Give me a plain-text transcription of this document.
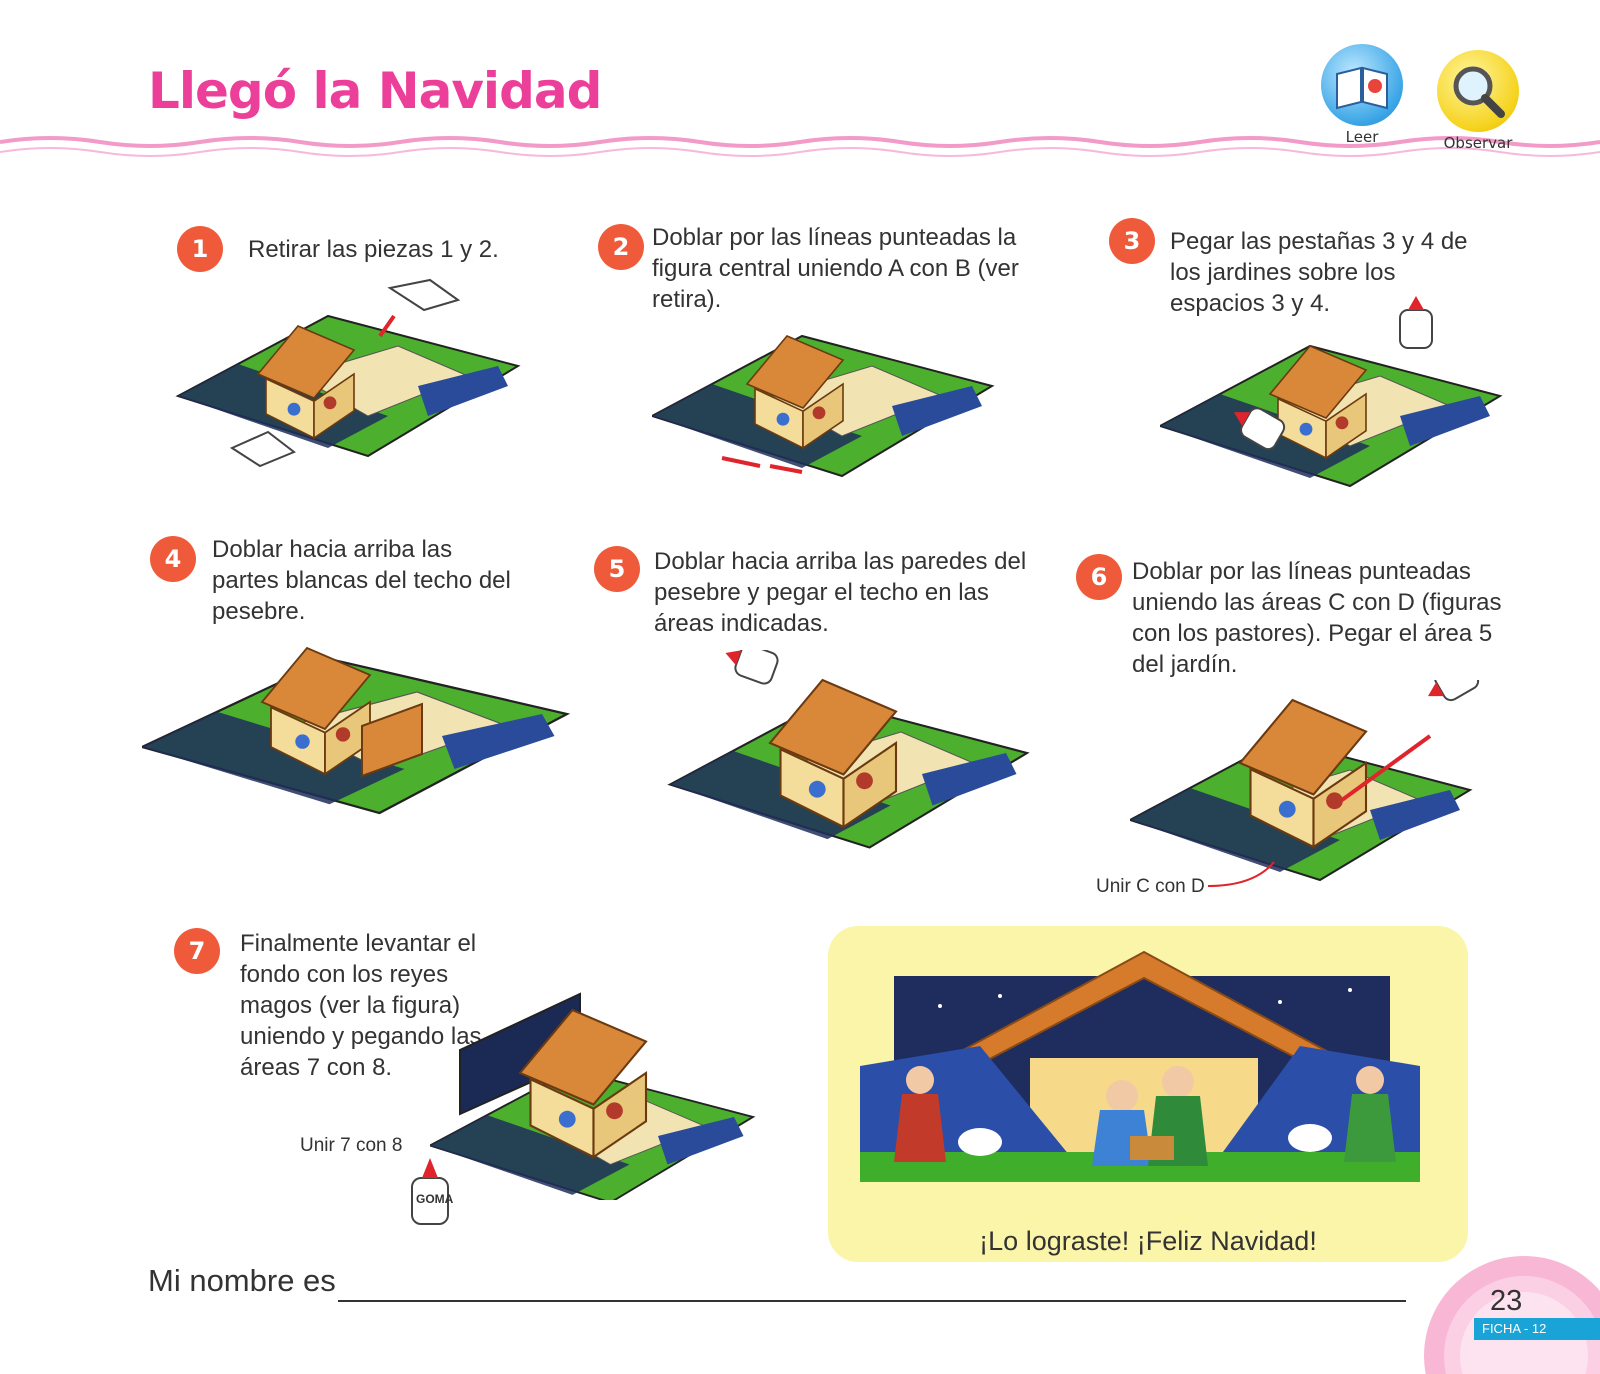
Llegó la Navidad
Leer	Observar
1	Retirar las piezas 1 y 2.	2 Doblar por las líneas punteadas la figura central uniendo A con B (ver retira).
3	Pegar las pestañas 3 y 4 de los jardines sobre los espacios 3 y 4.
4	Doblar hacia arriba las partes blancas del techo del pesebre.
5	Doblar hacia arriba las paredes del pesebre y pegar el techo en las áreas indicadas.
6	Doblar por las líneas punteadas uniendo las áreas C con D (figuras con los pastores). Pegar el área 5 del jardín.
Unir C con D
7	Finalmente levantar el fondo con los reyes magos (ver la figura) uniendo y pegando las áreas 7 con 8.
Unir 7 con 8
GOMA
¡Lo lograste! ¡Feliz Navidad!
Mi nombre es
23
FICHA - 12
